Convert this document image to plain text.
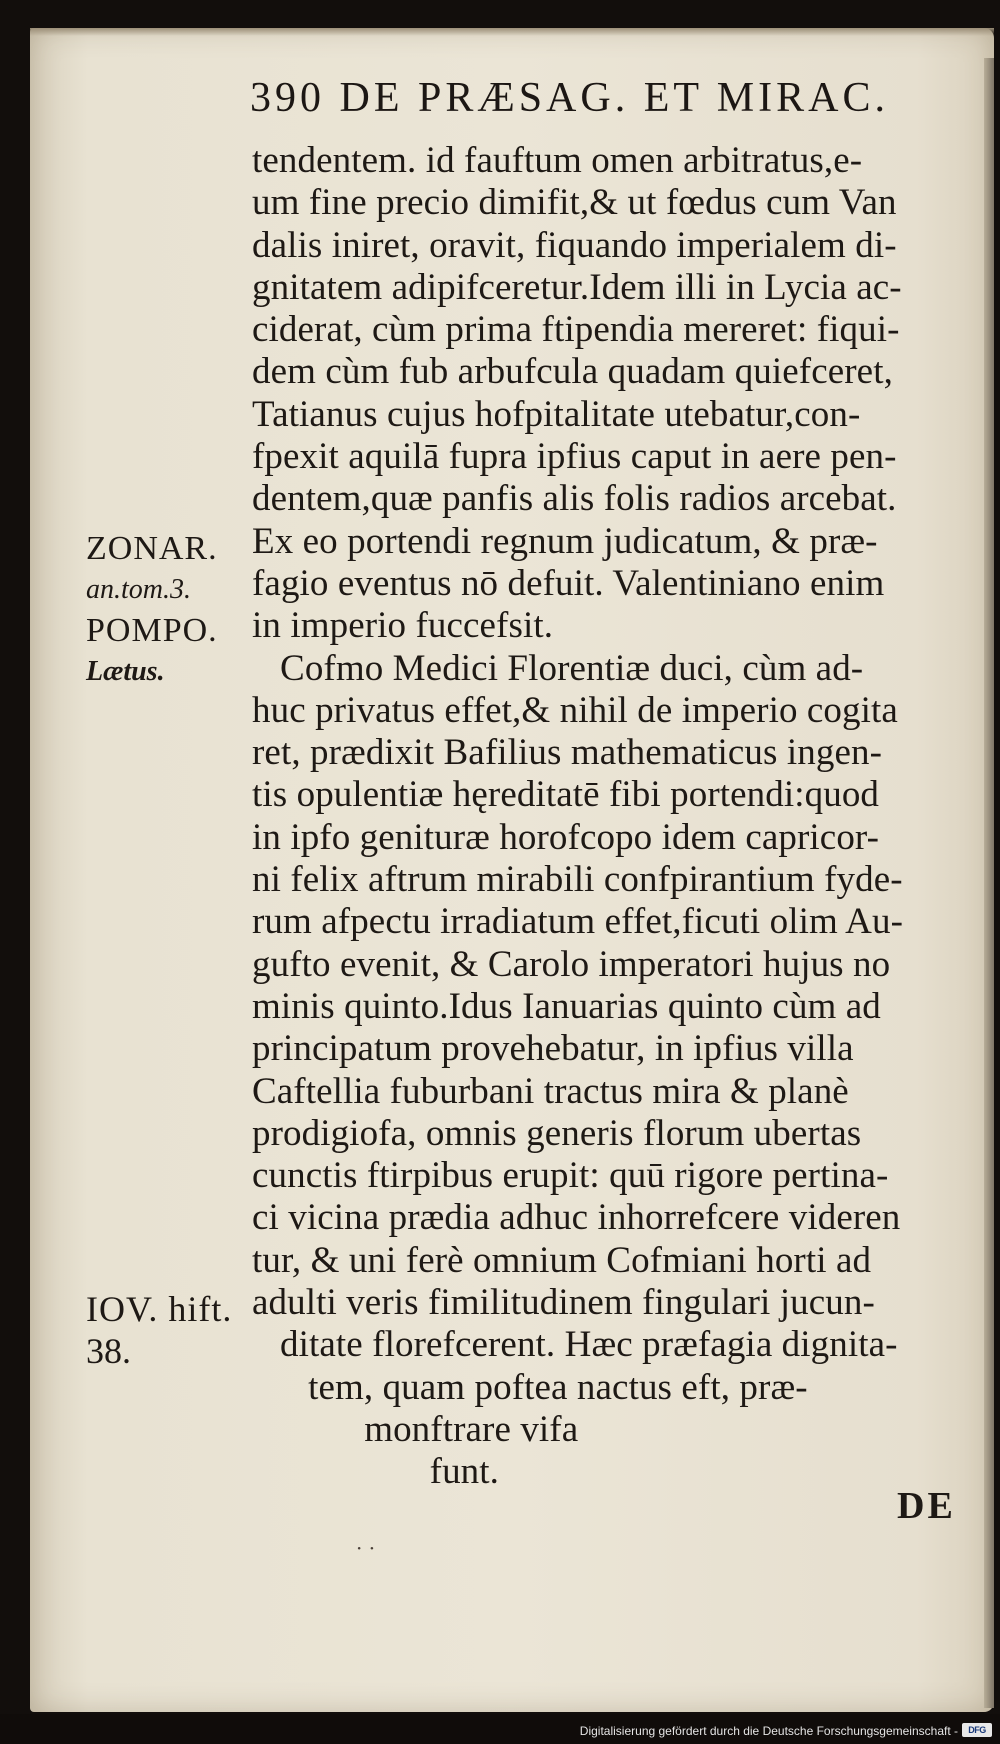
390 DE PRÆSAG. ET MIRAC.
tendentem. id fauftum omen arbitratus,e-
um fine precio dimifit,& ut fœdus cum Van
dalis iniret, oravit, fiquando imperialem di-
gnitatem adipifceretur.Idem illi in Lycia ac-
ciderat, cùm prima ftipendia mereret: fiqui-
dem cùm fub arbufcula quadam quiefceret,
Tatianus cujus hofpitalitate utebatur,con-
fpexit aquilā fupra ipfius caput in aere pen-
dentem,quæ panfis alis folis radios arcebat.
Ex eo portendi regnum judicatum, & præ-
fagio eventus nō defuit. Valentiniano enim
in imperio fuccefsit.
Cofmo Medici Florentiæ duci, cùm ad-
huc privatus effet,& nihil de imperio cogita
ret, prædixit Bafilius mathematicus ingen-
tis opulentiæ hęreditatē fibi portendi:quod
in ipfo genituræ horofcopo idem capricor-
ni felix aftrum mirabili confpirantium fyde-
rum afpectu irradiatum effet,ficuti olim Au-
gufto evenit, & Carolo imperatori hujus no
minis quinto.Idus Ianuarias quinto cùm ad
principatum provehebatur, in ipfius villa
Caftellia fuburbani tractus mira & planè
prodigiofa, omnis generis florum ubertas
cunctis ftirpibus erupit: quū rigore pertina-
ci vicina prædia adhuc inhorrefcere videren
tur, & uni ferè omnium Cofmiani horti ad
adulti veris fimilitudinem fingulari jucun-
ditate florefcerent. Hæc præfagia dignita-
tem, quam poftea nactus eft, præ-
monftrare vifa
funt.
ZONAR.
an.tom.3.
POMPO.
Lætus.
IOV. hift.
38.
DE
· ·
Digitalisierung gefördert durch die Deutsche Forschungsgemeinschaft -	DFG
